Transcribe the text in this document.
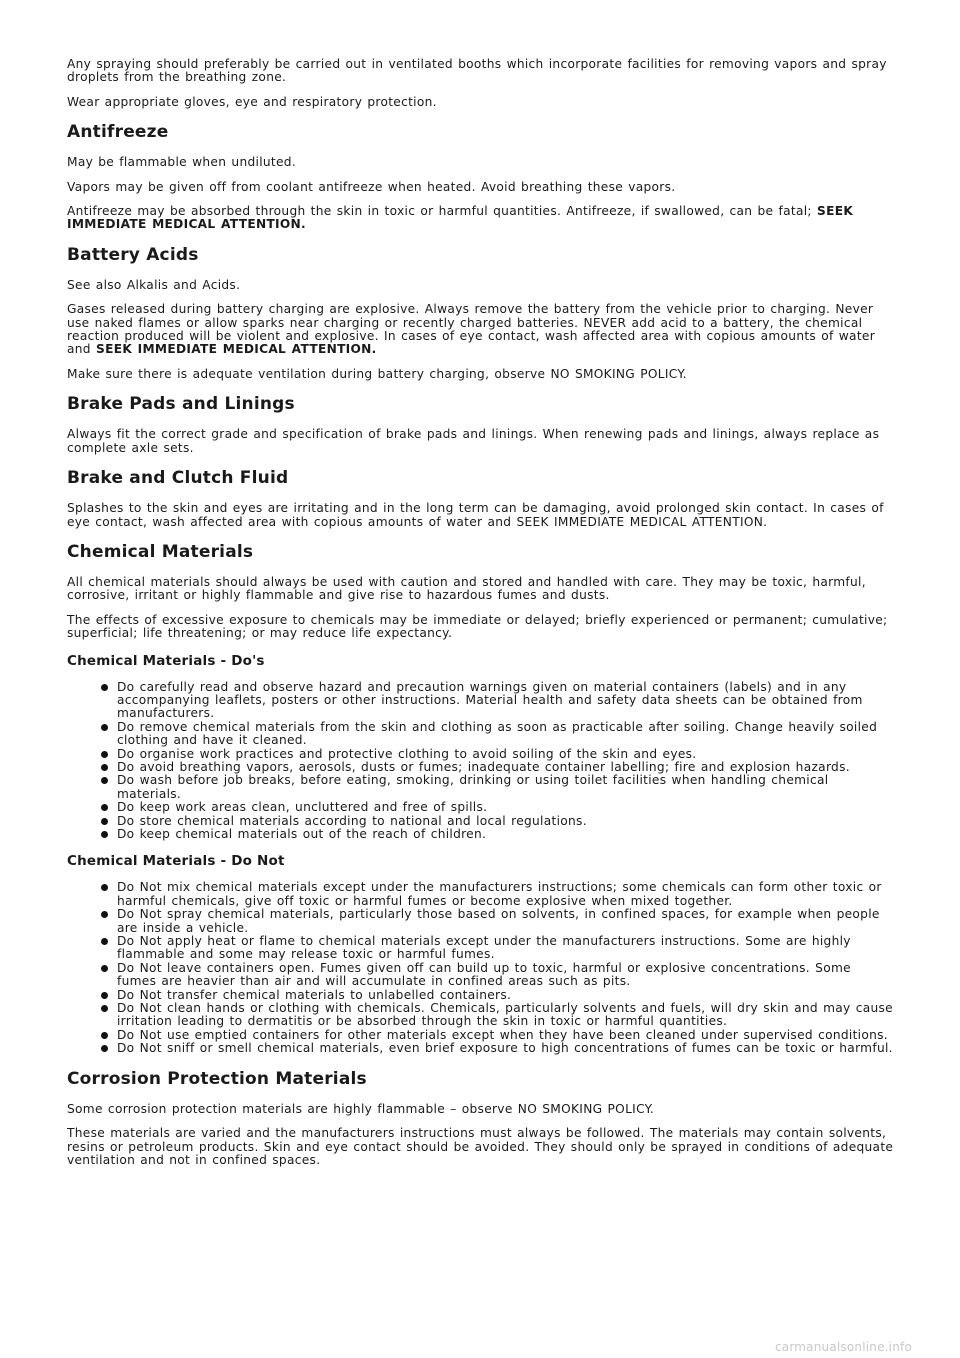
Any spraying should preferably be carried out in ventilated booths which incorporate facilities for removing vapors and spray droplets from the breathing zone.

Wear appropriate gloves, eye and respiratory protection.

Antifreeze

May be flammable when undiluted.

Vapors may be given off from coolant antifreeze when heated. Avoid breathing these vapors.

Antifreeze may be absorbed through the skin in toxic or harmful quantities. Antifreeze, if swallowed, can be fatal; SEEK IMMEDIATE MEDICAL ATTENTION.

Battery Acids

See also Alkalis and Acids.

Gases released during battery charging are explosive. Always remove the battery from the vehicle prior to charging. Never use naked flames or allow sparks near charging or recently charged batteries. NEVER add acid to a battery, the chemical reaction produced will be violent and explosive. In cases of eye contact, wash affected area with copious amounts of water and SEEK IMMEDIATE MEDICAL ATTENTION.

Make sure there is adequate ventilation during battery charging, observe NO SMOKING POLICY.

Brake Pads and Linings

Always fit the correct grade and specification of brake pads and linings. When renewing pads and linings, always replace as complete axle sets.

Brake and Clutch Fluid

Splashes to the skin and eyes are irritating and in the long term can be damaging, avoid prolonged skin contact. In cases of eye contact, wash affected area with copious amounts of water and SEEK IMMEDIATE MEDICAL ATTENTION.

Chemical Materials

All chemical materials should always be used with caution and stored and handled with care. They may be toxic, harmful, corrosive, irritant or highly flammable and give rise to hazardous fumes and dusts.

The effects of excessive exposure to chemicals may be immediate or delayed; briefly experienced or permanent; cumulative; superficial; life threatening; or may reduce life expectancy.

Chemical Materials - Do's
Do carefully read and observe hazard and precaution warnings given on material containers (labels) and in any accompanying leaflets, posters or other instructions. Material health and safety data sheets can be obtained from manufacturers.
Do remove chemical materials from the skin and clothing as soon as practicable after soiling. Change heavily soiled clothing and have it cleaned.
Do organise work practices and protective clothing to avoid soiling of the skin and eyes.
Do avoid breathing vapors, aerosols, dusts or fumes; inadequate container labelling; fire and explosion hazards.
Do wash before job breaks, before eating, smoking, drinking or using toilet facilities when handling chemical materials.
Do keep work areas clean, uncluttered and free of spills.
Do store chemical materials according to national and local regulations.
Do keep chemical materials out of the reach of children.
Chemical Materials - Do Not
Do Not mix chemical materials except under the manufacturers instructions; some chemicals can form other toxic or harmful chemicals, give off toxic or harmful fumes or become explosive when mixed together.
Do Not spray chemical materials, particularly those based on solvents, in confined spaces, for example when people are inside a vehicle.
Do Not apply heat or flame to chemical materials except under the manufacturers instructions. Some are highly flammable and some may release toxic or harmful fumes.
Do Not leave containers open. Fumes given off can build up to toxic, harmful or explosive concentrations. Some fumes are heavier than air and will accumulate in confined areas such as pits.
Do Not transfer chemical materials to unlabelled containers.
Do Not clean hands or clothing with chemicals. Chemicals, particularly solvents and fuels, will dry skin and may cause irritation leading to dermatitis or be absorbed through the skin in toxic or harmful quantities.
Do Not use emptied containers for other materials except when they have been cleaned under supervised conditions.
Do Not sniff or smell chemical materials, even brief exposure to high concentrations of fumes can be toxic or harmful.
Corrosion Protection Materials

Some corrosion protection materials are highly flammable – observe NO SMOKING POLICY.

These materials are varied and the manufacturers instructions must always be followed. The materials may contain solvents, resins or petroleum products. Skin and eye contact should be avoided. They should only be sprayed in conditions of adequate ventilation and not in confined spaces.

carmanualsonline.info
